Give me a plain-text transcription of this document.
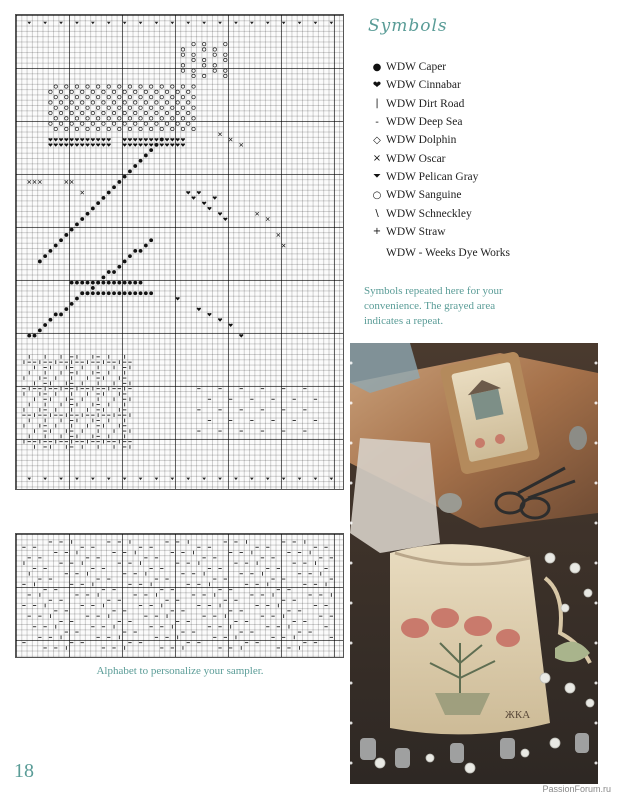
Symbols
● WDW Caper
❤ WDW Cinnabar
| WDW Dirt Road
- WDW Deep Sea
◇ WDW Dolphin
× WDW Oscar
⏷ WDW Pelican Gray
○ WDW Sanguine
\ WDW Schneckley
+ WDW Straw
WDW - Weeks Dye Works
Symbols repeated here for your convenience. The grayed area indicates a repeat.
ЖКА
Alphabet to personalize your sampler.
18
PassionForum.ru
